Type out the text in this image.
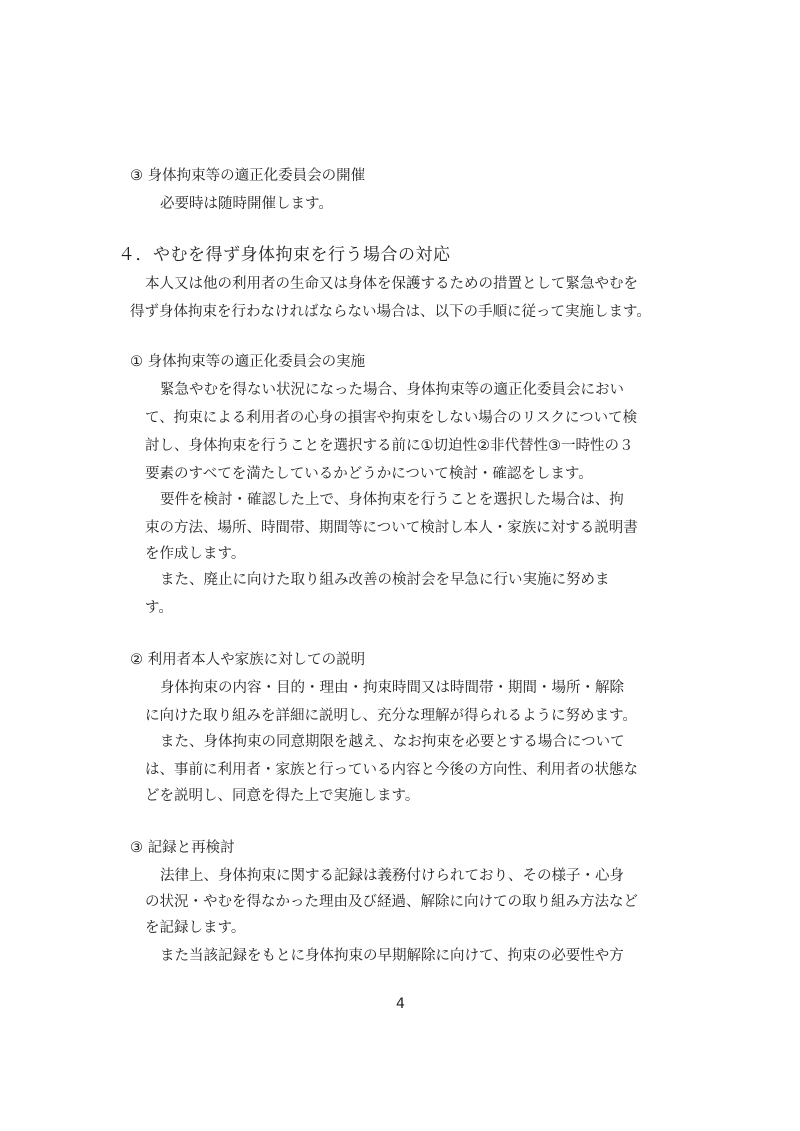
③ 身体拘束等の適正化委員会の開催
必要時は随時開催します。
４．やむを得ず身体拘束を行う場合の対応
本人又は他の利用者の生命又は身体を保護するための措置として緊急やむを
得ず身体拘束を行わなければならない場合は、以下の手順に従って実施します。
① 身体拘束等の適正化委員会の実施
緊急やむを得ない状況になった場合、身体拘束等の適正化委員会におい
て、拘束による利用者の心身の損害や拘束をしない場合のリスクについて検
討し、身体拘束を行うことを選択する前に①切迫性②非代替性③一時性の３
要素のすべてを満たしているかどうかについて検討・確認をします。
要件を検討・確認した上で、身体拘束を行うことを選択した場合は、拘
束の方法、場所、時間帯、期間等について検討し本人・家族に対する説明書
を作成します。
また、廃止に向けた取り組み改善の検討会を早急に行い実施に努めま
す。
② 利用者本人や家族に対しての説明
身体拘束の内容・目的・理由・拘束時間又は時間帯・期間・場所・解除
に向けた取り組みを詳細に説明し、充分な理解が得られるように努めます。
また、身体拘束の同意期限を越え、なお拘束を必要とする場合について
は、事前に利用者・家族と行っている内容と今後の方向性、利用者の状態な
どを説明し、同意を得た上で実施します。
③ 記録と再検討
法律上、身体拘束に関する記録は義務付けられており、その様子・心身
の状況・やむを得なかった理由及び経過、解除に向けての取り組み方法など
を記録します。
また当該記録をもとに身体拘束の早期解除に向けて、拘束の必要性や方
4
